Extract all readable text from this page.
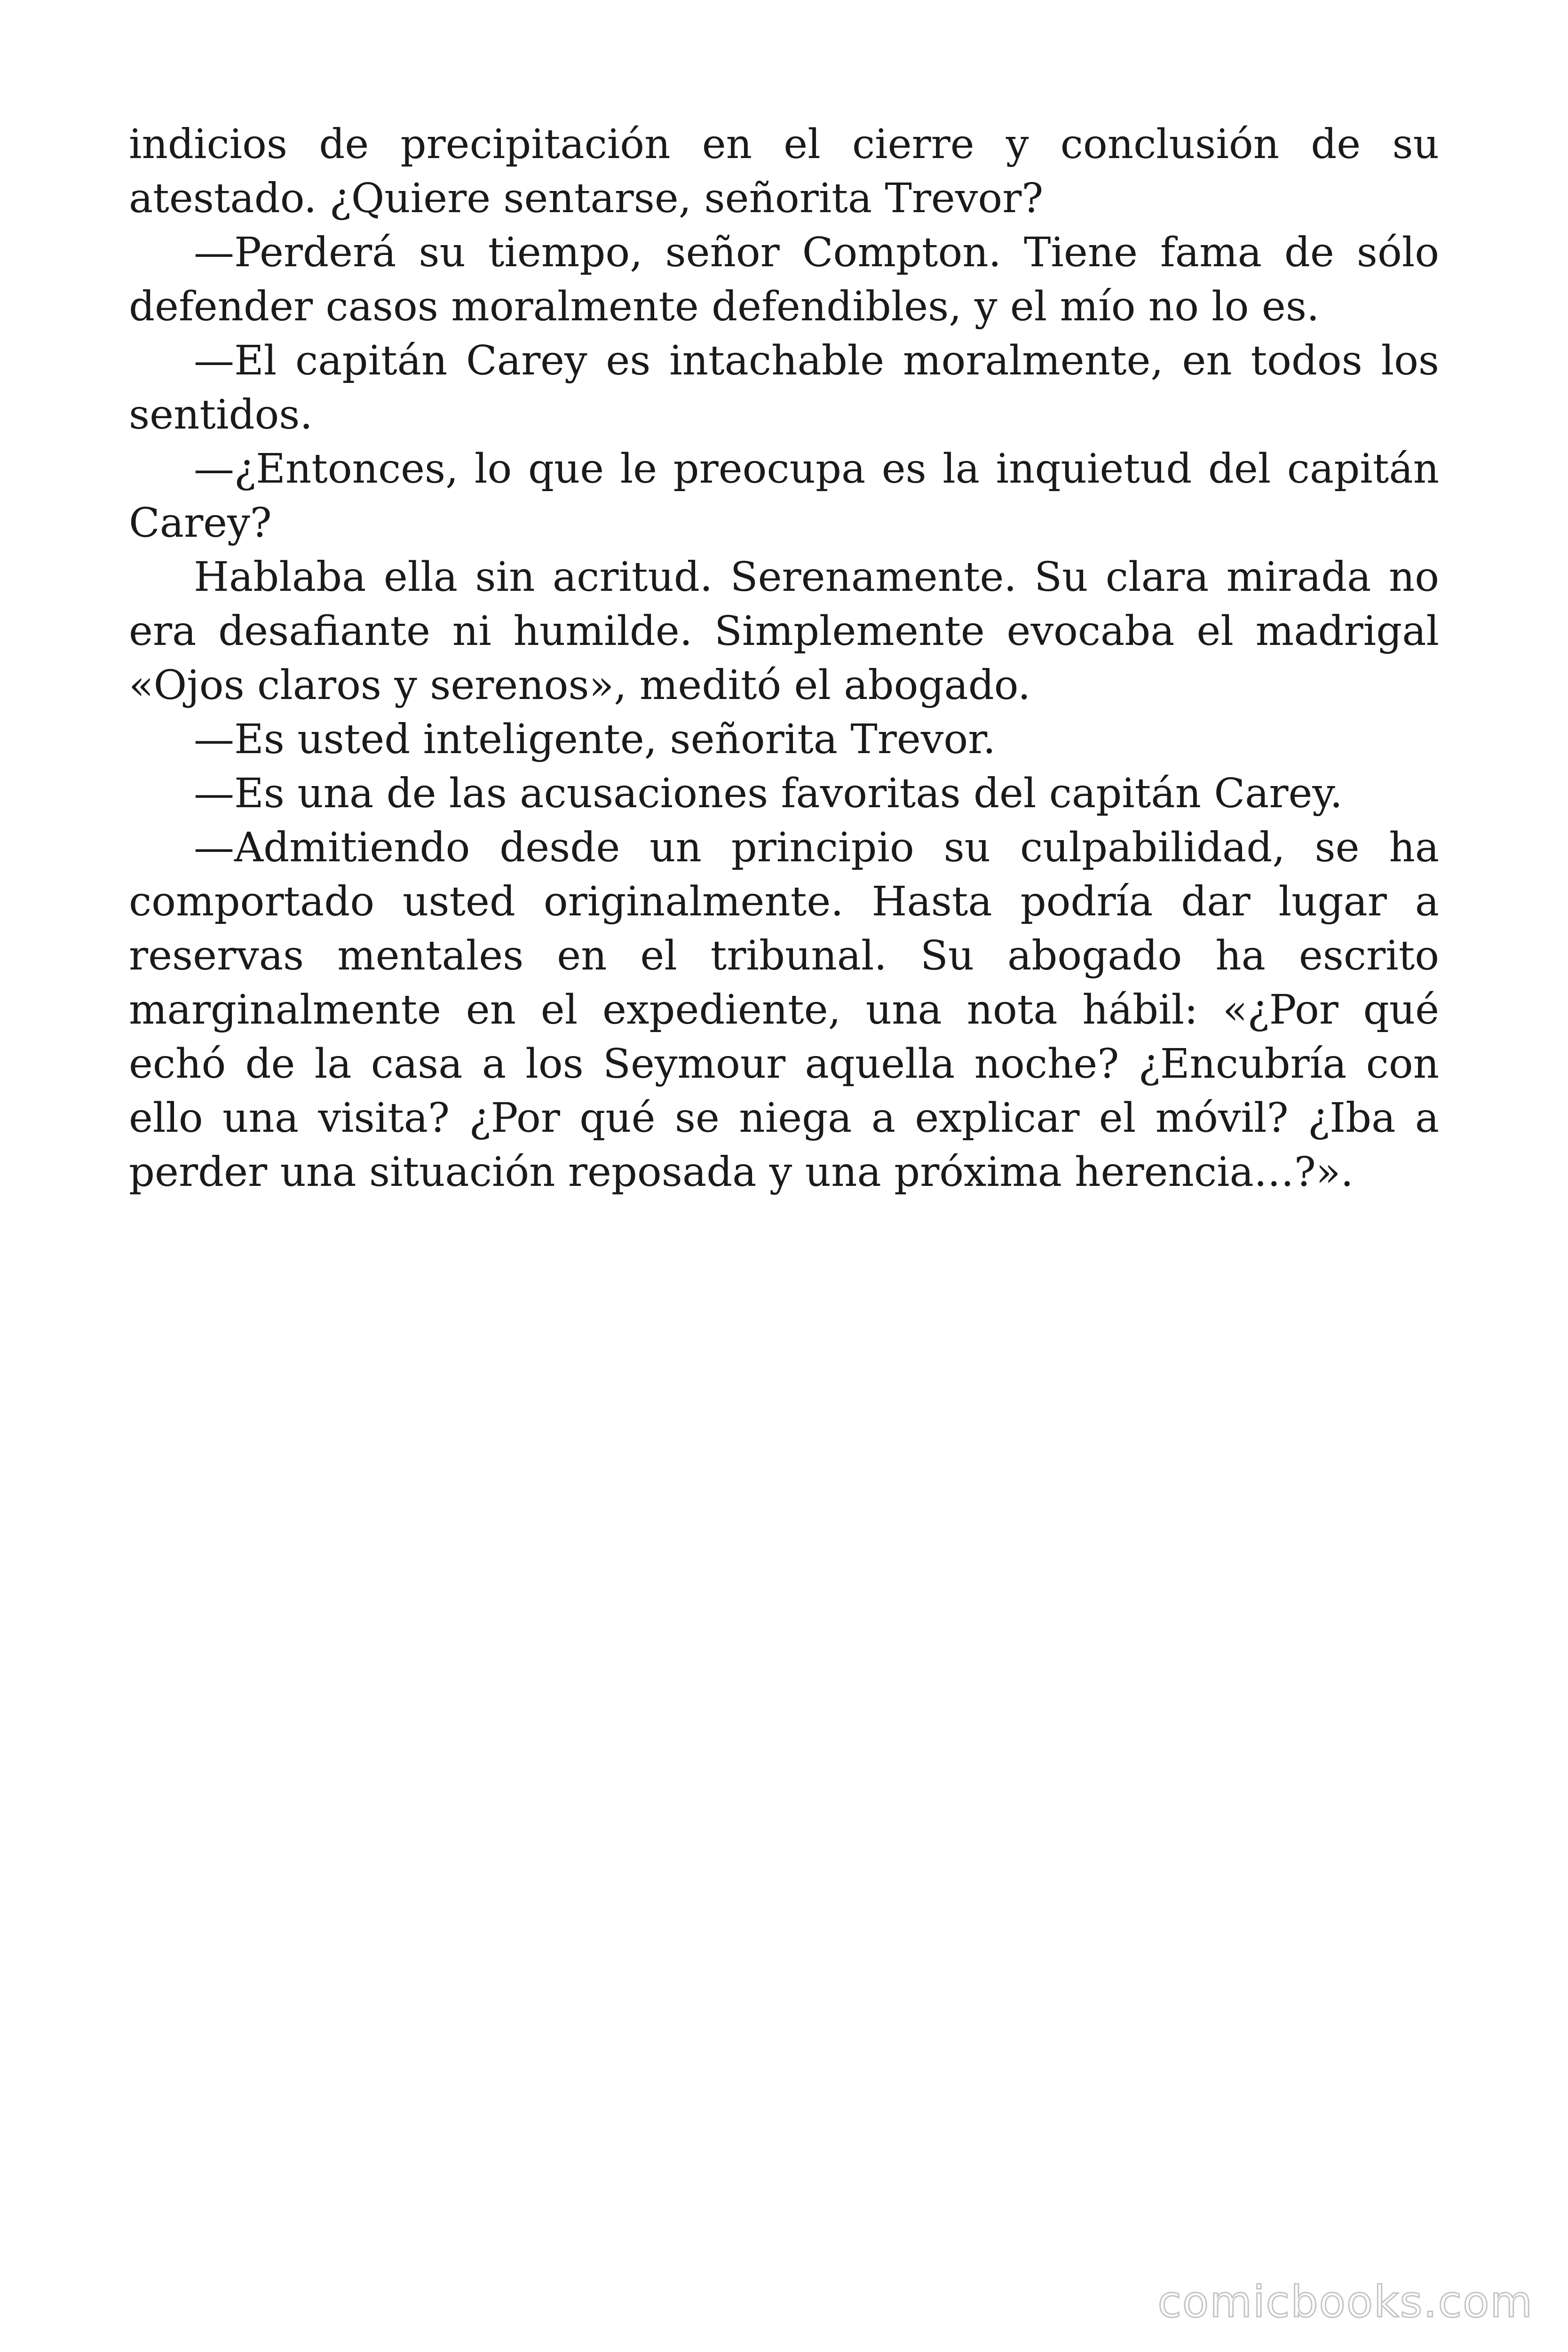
indicios de precipitación en el cierre y conclusión de su atestado. ¿Quiere sentarse, señorita Trevor?

—Perderá su tiempo, señor Compton. Tiene fama de sólo defender casos moralmente defendibles, y el mío no lo es.

—El capitán Carey es intachable moralmente, en todos los sentidos.

—¿Entonces, lo que le preocupa es la inquietud del capitán Carey?

Hablaba ella sin acritud. Serenamente. Su clara mirada no era desafiante ni humilde. Simplemente evocaba el madrigal «Ojos claros y serenos», meditó el abogado.

—Es usted inteligente, señorita Trevor.

—Es una de las acusaciones favoritas del capitán Carey.

—Admitiendo desde un principio su culpabilidad, se ha comportado usted originalmente. Hasta podría dar lugar a reservas mentales en el tribunal. Su abogado ha escrito marginalmente en el expediente, una nota hábil: «¿Por qué echó de la casa a los Seymour aquella noche? ¿Encubría con ello una visita? ¿Por qué se niega a explicar el móvil? ¿Iba a perder una situación reposada y una próxima herencia…?».

comicbooks.com
